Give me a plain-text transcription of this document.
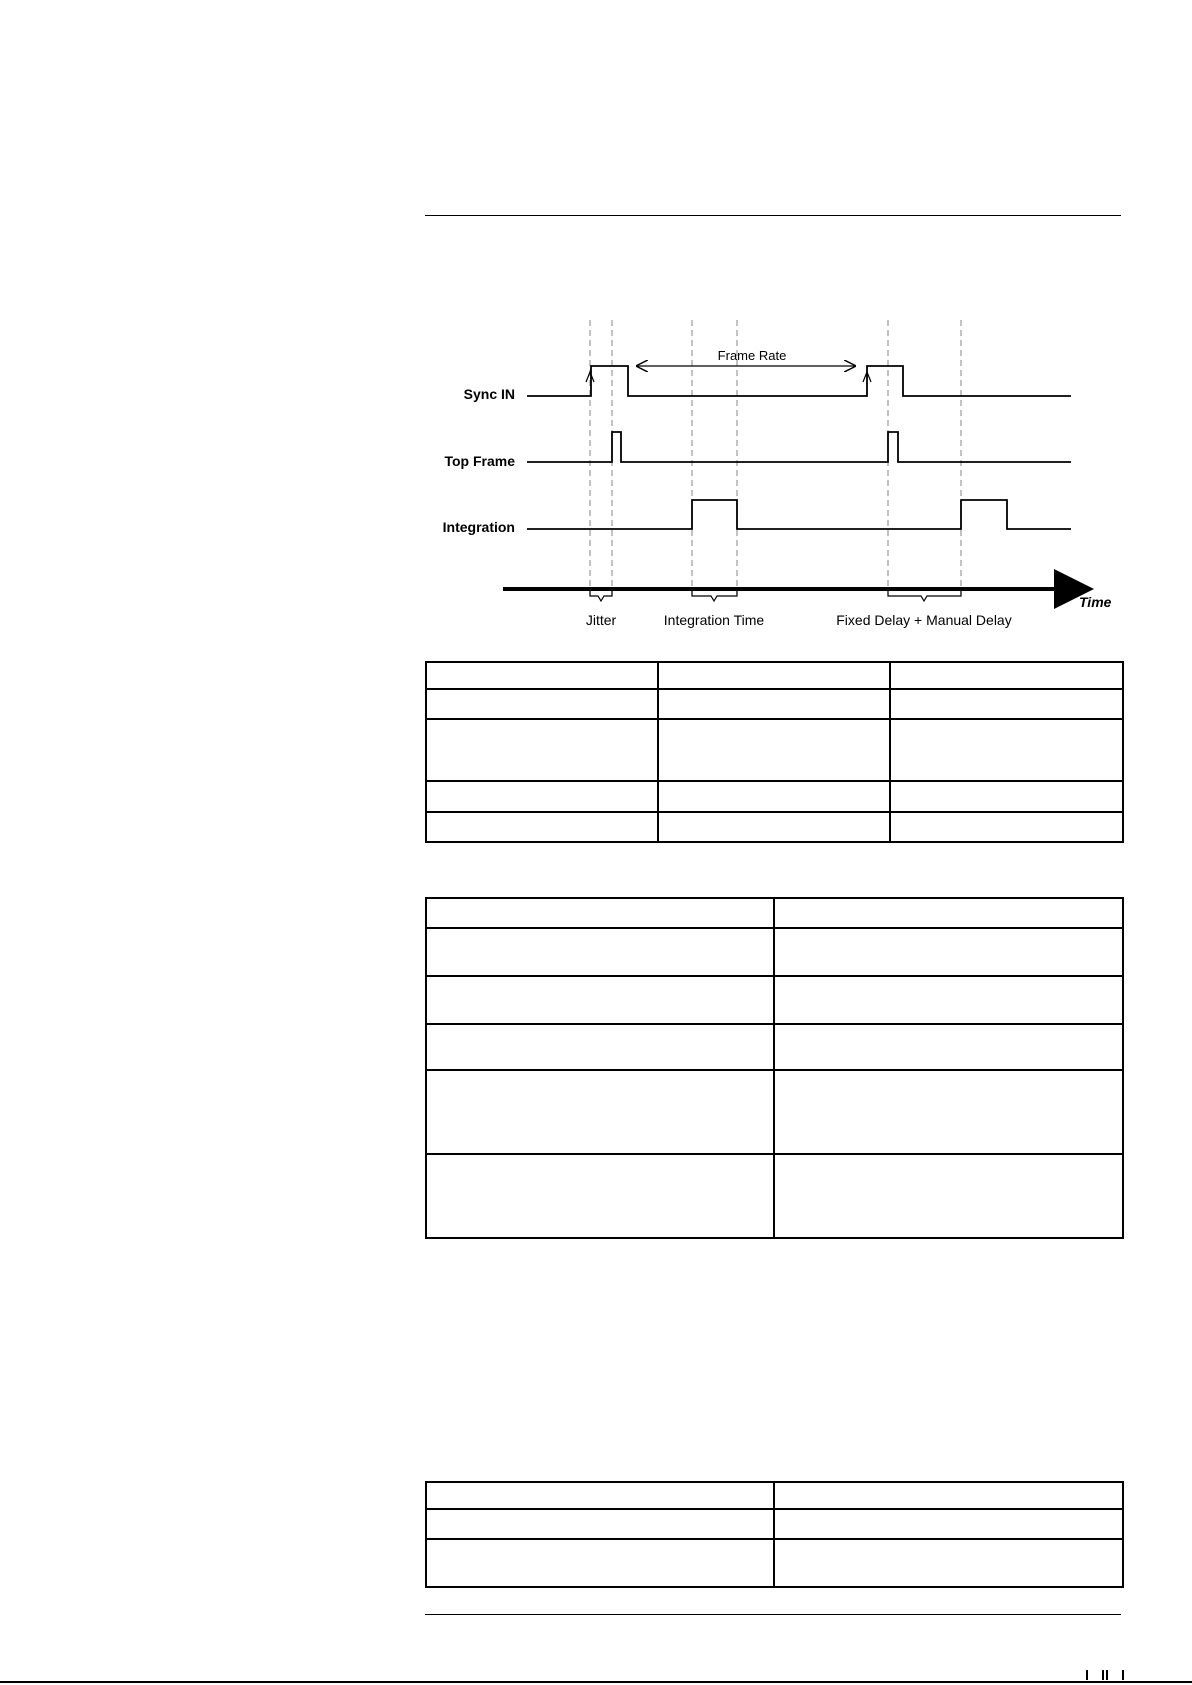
Sync IN
Top Frame
Integration
Frame Rate
Time
Jitter	Integration Time	Fixed Delay + Manual Delay
